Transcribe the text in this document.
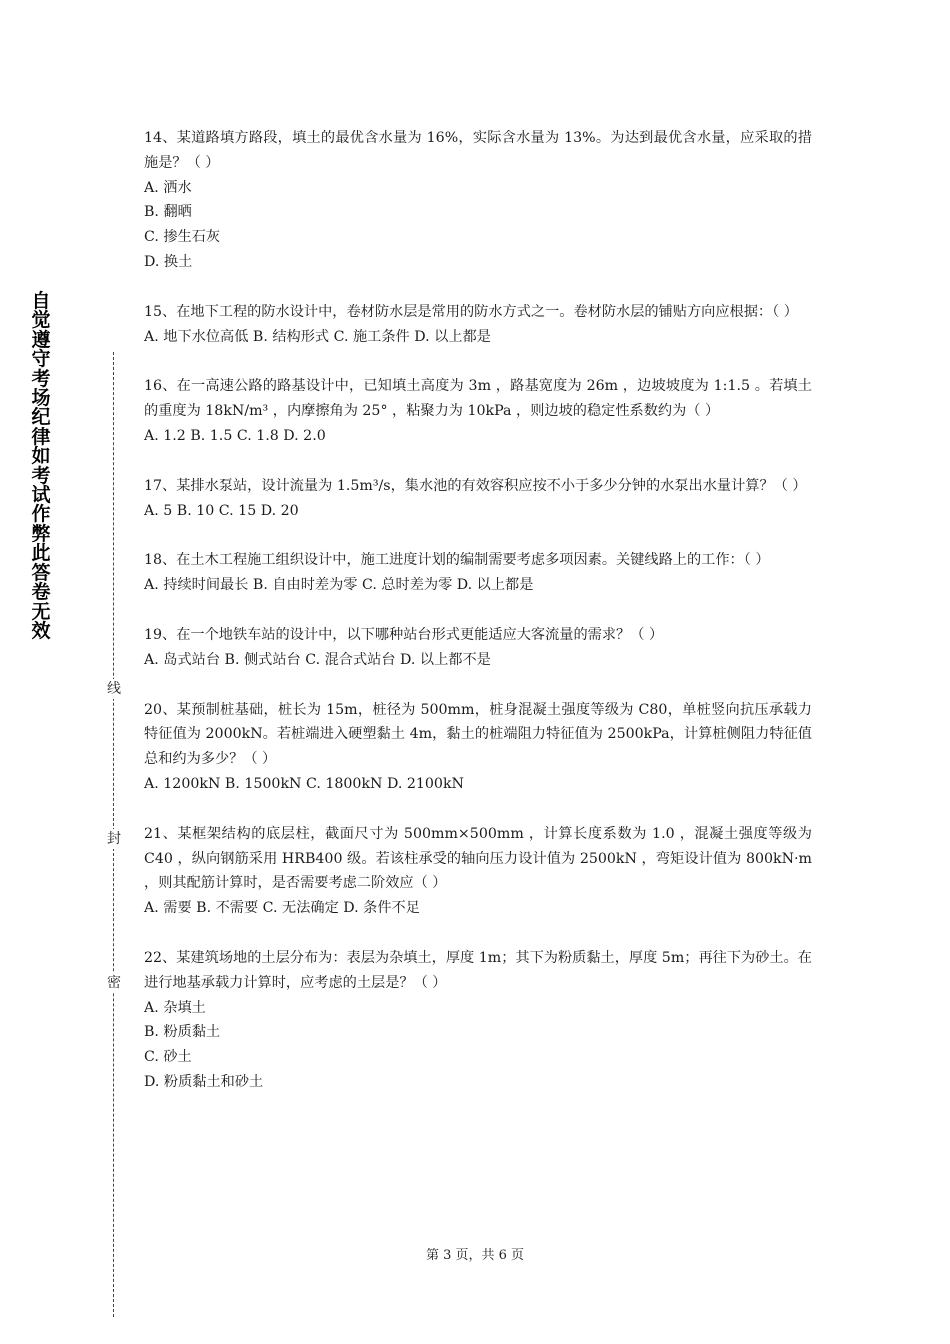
自觉遵守考场纪律如考试作弊此答卷无效
线
封
密
14、某道路填方路段，填土的最优含水量为 16%，实际含水量为 13%。为达到最优含水量，应采取的措施是？（ ）
A. 洒水
B. 翻晒
C. 掺生石灰
D. 换土
15、在地下工程的防水设计中，卷材防水层是常用的防水方式之一。卷材防水层的铺贴方向应根据：（ ）
A. 地下水位高低 B. 结构形式 C. 施工条件 D. 以上都是
16、在一高速公路的路基设计中，已知填土高度为 3m ，路基宽度为 26m ，边坡坡度为 1:1.5 。若填土的重度为 18kN/m³ ，内摩擦角为 25° ，粘聚力为 10kPa ，则边坡的稳定性系数约为（ ）
A. 1.2 B. 1.5 C. 1.8 D. 2.0
17、某排水泵站，设计流量为 1.5m³/s，集水池的有效容积应按不小于多少分钟的水泵出水量计算？（ ）
A. 5 B. 10 C. 15 D. 20
18、在土木工程施工组织设计中，施工进度计划的编制需要考虑多项因素。关键线路上的工作：（ ）
A. 持续时间最长 B. 自由时差为零 C. 总时差为零 D. 以上都是
19、在一个地铁车站的设计中，以下哪种站台形式更能适应大客流量的需求？（ ）
A. 岛式站台 B. 侧式站台 C. 混合式站台 D. 以上都不是
20、某预制桩基础，桩长为 15m，桩径为 500mm，桩身混凝土强度等级为 C80，单桩竖向抗压承载力特征值为 2000kN。若桩端进入硬塑黏土 4m，黏土的桩端阻力特征值为 2500kPa，计算桩侧阻力特征值总和约为多少？（ ）
A. 1200kN B. 1500kN C. 1800kN D. 2100kN
21、某框架结构的底层柱，截面尺寸为 500mm×500mm ，计算长度系数为 1.0 ，混凝土强度等级为 C40 ，纵向钢筋采用 HRB400 级。若该柱承受的轴向压力设计值为 2500kN ，弯矩设计值为 800kN·m ，则其配筋计算时，是否需要考虑二阶效应（ ）
A. 需要 B. 不需要 C. 无法确定 D. 条件不足
22、某建筑场地的土层分布为：表层为杂填土，厚度 1m；其下为粉质黏土，厚度 5m；再往下为砂土。在进行地基承载力计算时，应考虑的土层是？（ ）
A. 杂填土
B. 粉质黏土
C. 砂土
D. 粉质黏土和砂土
第 3 页，共 6 页
